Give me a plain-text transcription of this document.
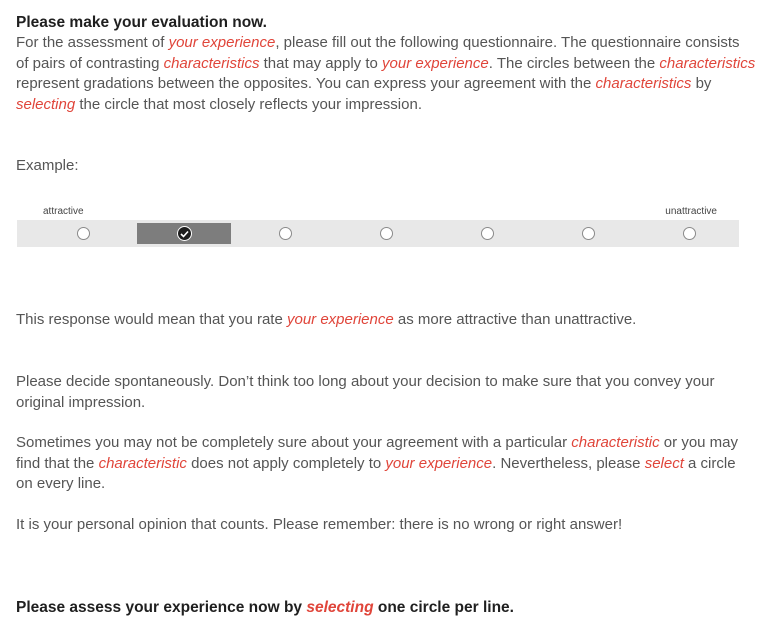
Please make your evaluation now.

For the assessment of your experience, please fill out the following questionnaire. The questionnaire consists of pairs of contrasting characteristics that may apply to your experience. The circles between the characteristics represent gradations between the opposites. You can express your agreement with the characteristics by selecting the circle that most closely reflects your impression.

Example:
attractive	unattractive
This response would mean that you rate your experience as more attractive than unattractive.
Please decide spontaneously. Don’t think too long about your decision to make sure that you convey your original impression.
Sometimes you may not be completely sure about your agreement with a particular characteristic or you may find that the characteristic does not apply completely to your experience. Nevertheless, please select a circle on every line.
It is your personal opinion that counts. Please remember: there is no wrong or right answer!
Please assess your experience now by selecting one circle per line.
